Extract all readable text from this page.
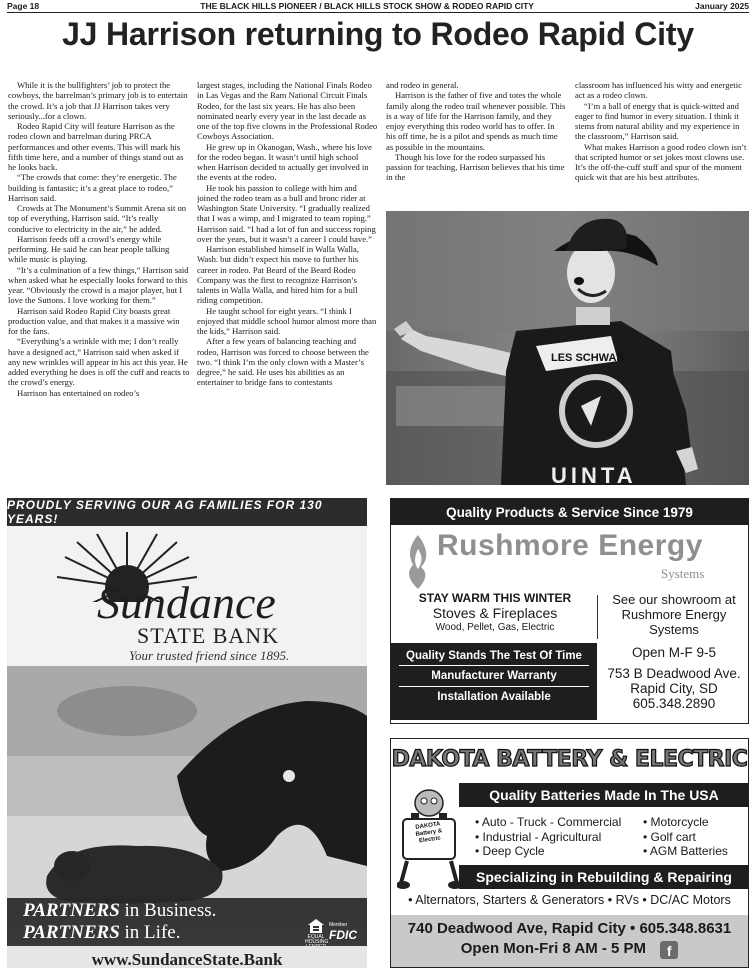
Page 18	THE BLACK HILLS PIONEER / BLACK HILLS STOCK SHOW & RODEO RAPID CITY	January 2025
JJ Harrison returning to Rodeo Rapid City

While it is the bullfighters’ job to protect the cowboys, the barrelman’s primary job is to entertain the crowd. It’s a job that JJ Harrison takes very seriously...for a clown.

Rodeo Rapid City will feature Harrison as the rodeo clown and barrelman during PRCA performances and other events. This will mark his fifth time here, and a number of things stand out as he looks back.

“The crowds that come: they’re energetic. The building is fantastic; it’s a great place to rodeo,” Harrison said.

Crowds at The Monument’s Summit Arena sit on top of everything, Harrison said. “It’s really conducive to electricity in the air,” he added.

Harrison feeds off a crowd’s energy while performing. He said he can hear people talking while music is playing.

“It’s a culmination of a few things,” Harrison said when asked what he especially looks forward to this year. “Obviously the crowd is a major player, but I love the Suttons. I love working for them.”

Harrison said Rodeo Rapid City boasts great production value, and that makes it a massive win for the fans.

“Everything’s a wrinkle with me; I don’t really have a designed act,” Harrison said when asked if any new wrinkles will appear in his act this year. He added everything he does is off the cuff and reacts to the crowd’s energy.

Harrison has entertained on rodeo’s

largest stages, including the National Finals Rodeo in Las Vegas and the Ram National Circuit Finals Rodeo, for the last six years. He has also been nominated nearly every year in the last decade as one of the top five clowns in the Professional Rodeo Cowboys Association.

He grew up in Okanogan, Wash., where his love for the rodeo began. It wasn’t until high school when Harrison decided to actually get involved in the events at the rodeo.

He took his passion to college with him and joined the rodeo team as a bull and bronc rider at Washington State University. “I gradually realized that I was a wimp, and I migrated to team roping.” Harrison said. “I had a lot of fun and success roping over the years, but it wasn’t a career I could have.”

Harrison established himself in Walla Walla, Wash. but didn’t expect his move to further his career in rodeo. Pat Beard of the Beard Rodeo Company was the first to recognize Harrison’s talents in Walla Walla, and hired him for a bull riding competition.

He taught school for eight years. “I think I enjoyed that middle school humor almost more than the kids,” Harrison said.

After a few years of balancing teaching and rodeo, Harrison was forced to choose between the two. “I think I’m the only clown with a Master’s degree,” he said. He uses his abilities as an entertainer to bridge fans to contestants

and rodeo in general.

Harrison is the father of five and totes the whole family along the rodeo trail whenever possible. This is a way of life for the Harrison family, and they enjoy everything this rodeo world has to offer. In his off time, he is a pilot and spends as much time as possible in the mountains.

Though his love for the rodeo surpassed his passion for teaching, Harrison believes that his time in the

classroom has influenced his witty and energetic act as a rodeo clown.

“I’m a ball of energy that is quick-witted and eager to find humor in every situation. I think it stems from natural ability and my experience in the classroom,” Harrison said.

What makes Harrison a good rodeo clown isn’t that scripted humor or set jokes most clowns use. It’s the off-the-cuff stuff and spur of the moment quick wit that are his best attributes.

LES SCHWAB
UINTA
PROUDLY SERVING OUR AG FAMILIES FOR 130 YEARS!
Sundance
STATE BANK
Your trusted friend since 1895.
PARTNERS in Business.
PARTNERS in Life.	EQUAL HOUSING
Member
FDIC
www.SundanceState.Bank
Quality Products & Service Since 1979
Rushmore Energy
Systems
STAY WARM THIS WINTER
Stoves & Fireplaces
Wood, Pellet, Gas, Electric
See our showroom at Rushmore Energy Systems
Quality Stands The Test Of Time
Manufacturer Warranty
Installation Available
Open M-F 9-5
753 B Deadwood Ave.
Rapid City, SD
605.348.2890
DAKOTA BATTERY & ELECTRIC
Quality Batteries Made In The USA
DAKOTA Battery & Electric
• Auto - Truck - Commercial
• Industrial - Agricultural
• Deep Cycle
• Motorcycle
• Golf cart
• AGM Batteries
Specializing in Rebuilding & Repairing
• Alternators, Starters & Generators • RVs • DC/AC Motors
740 Deadwood Ave, Rapid City • 605.348.8631
Open Mon-Fri 8 AM - 5 PM f
